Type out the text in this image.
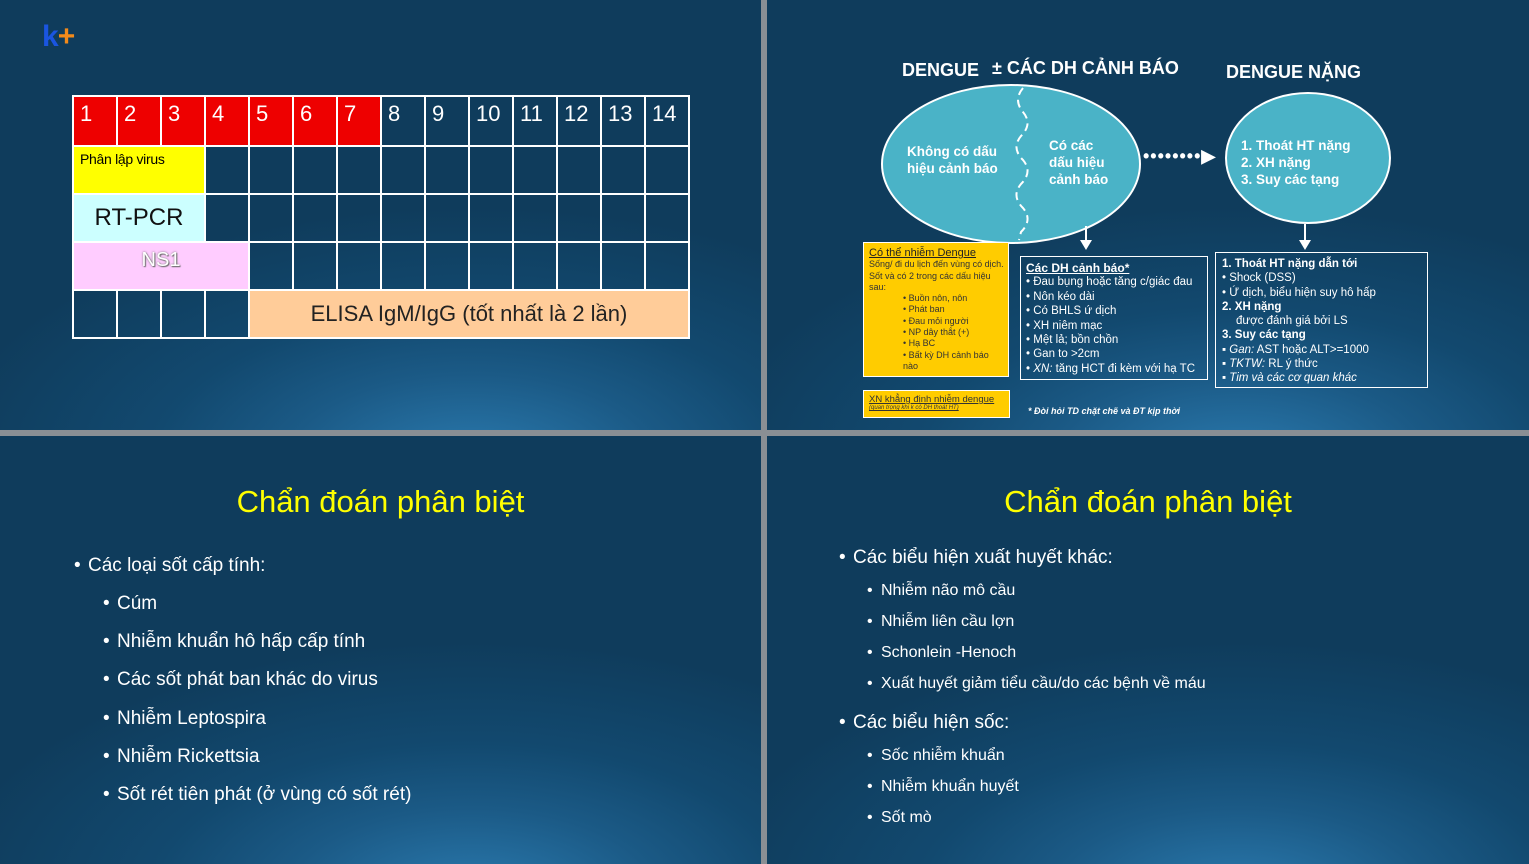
k+
1	2	3	4	5	6	7	8	9	10	11	12	13	14
Phân lập virus													
RT-PCR													
NS1													
				ELISA IgM/IgG (tốt nhất là 2 lần)									
DENGUE ± CÁC DH CẢNH BÁO	DENGUE NẶNG
Không có dấu
hiệu cảnh báo
Có các
dấu hiệu
cảnh báo
••••••••▶
1. Thoát HT nặng
2. XH nặng
3. Suy các tạng
Có thể nhiễm Dengue
Sống/ đi du lịch đến vùng có dịch. Sốt và có 2 trong các dấu hiệu sau:
• Buồn nôn, nôn
• Phát ban
• Đau mỏi người
• NP dây thắt (+)
• Hạ BC
• Bất kỳ DH cảnh báo nào
Các DH cảnh báo*
• Đau bụng hoặc tăng c/giác đau
• Nôn kéo dài
• Có BHLS ứ dịch
• XH niêm mạc
• Mệt lả; bồn chồn
• Gan to >2cm
• XN: tăng HCT đi kèm với hạ TC
1. Thoát HT nặng dẫn tới
• Shock (DSS)
• Ứ dịch, biểu hiện suy hô hấp
2. XH nặng
được đánh giá bởi LS
3. Suy các tạng
▪ Gan: AST hoặc ALT>=1000
▪ TKTW: RL ý thức
▪ Tim và các cơ quan khác
XN khẳng định nhiễm dengue
(quan trọng khi k có DH thoát HT)	* Đòi hỏi TD chặt chẽ và ĐT kịp thời
Chẩn đoán phân biệt
• Các loại sốt cấp tính:
• Cúm
• Nhiễm khuẩn hô hấp cấp tính
• Các sốt phát ban khác do virus
• Nhiễm Leptospira
• Nhiễm Rickettsia
• Sốt rét tiên phát (ở vùng có sốt rét)
Chẩn đoán phân biệt
• Các biểu hiện xuất huyết khác:
• Nhiễm não mô cầu
• Nhiễm liên cầu lợn
• Schonlein -Henoch
• Xuất huyết giảm tiểu cầu/do các bệnh về máu
• Các biểu hiện sốc:
• Sốc nhiễm khuẩn
• Nhiễm khuẩn huyết
• Sốt mò
